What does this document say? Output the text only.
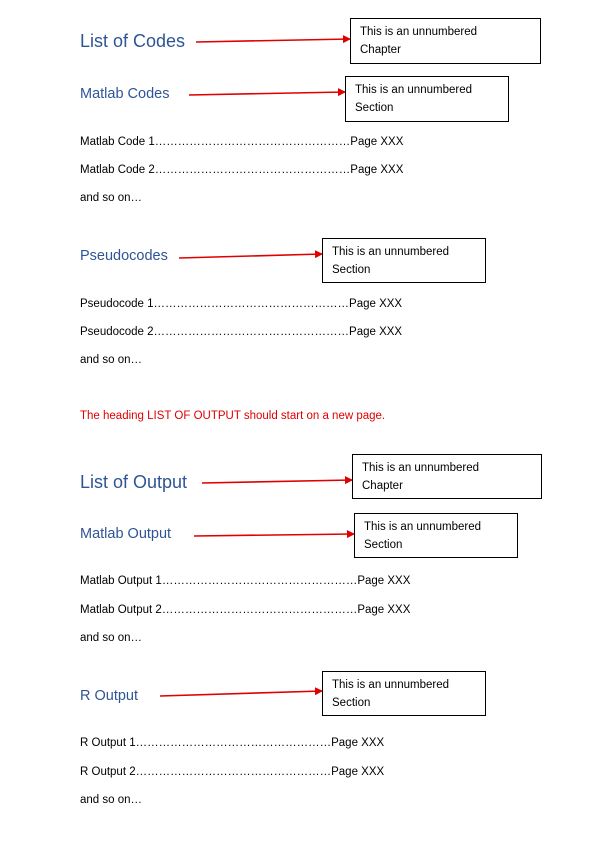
List of Codes	This is an unnumbered
Chapter
Matlab Codes	This is an unnumbered
Section
Matlab Code 1……………………………………………Page XXX
Matlab Code 2……………………………………………Page XXX
and so on…
Pseudocodes	This is an unnumbered
Section
Pseudocode 1……………………………………………Page XXX
Pseudocode 2……………………………………………Page XXX
and so on…
The heading LIST OF OUTPUT should start on a new page.
List of Output
This is an unnumbered
Chapter
Matlab Output	This is an unnumbered
Section
Matlab Output 1……………………………………………Page XXX
Matlab Output 2……………………………………………Page XXX
and so on…
R Output
This is an unnumbered
Section
R Output 1……………………………………………Page XXX
R Output 2……………………………………………Page XXX
and so on…
